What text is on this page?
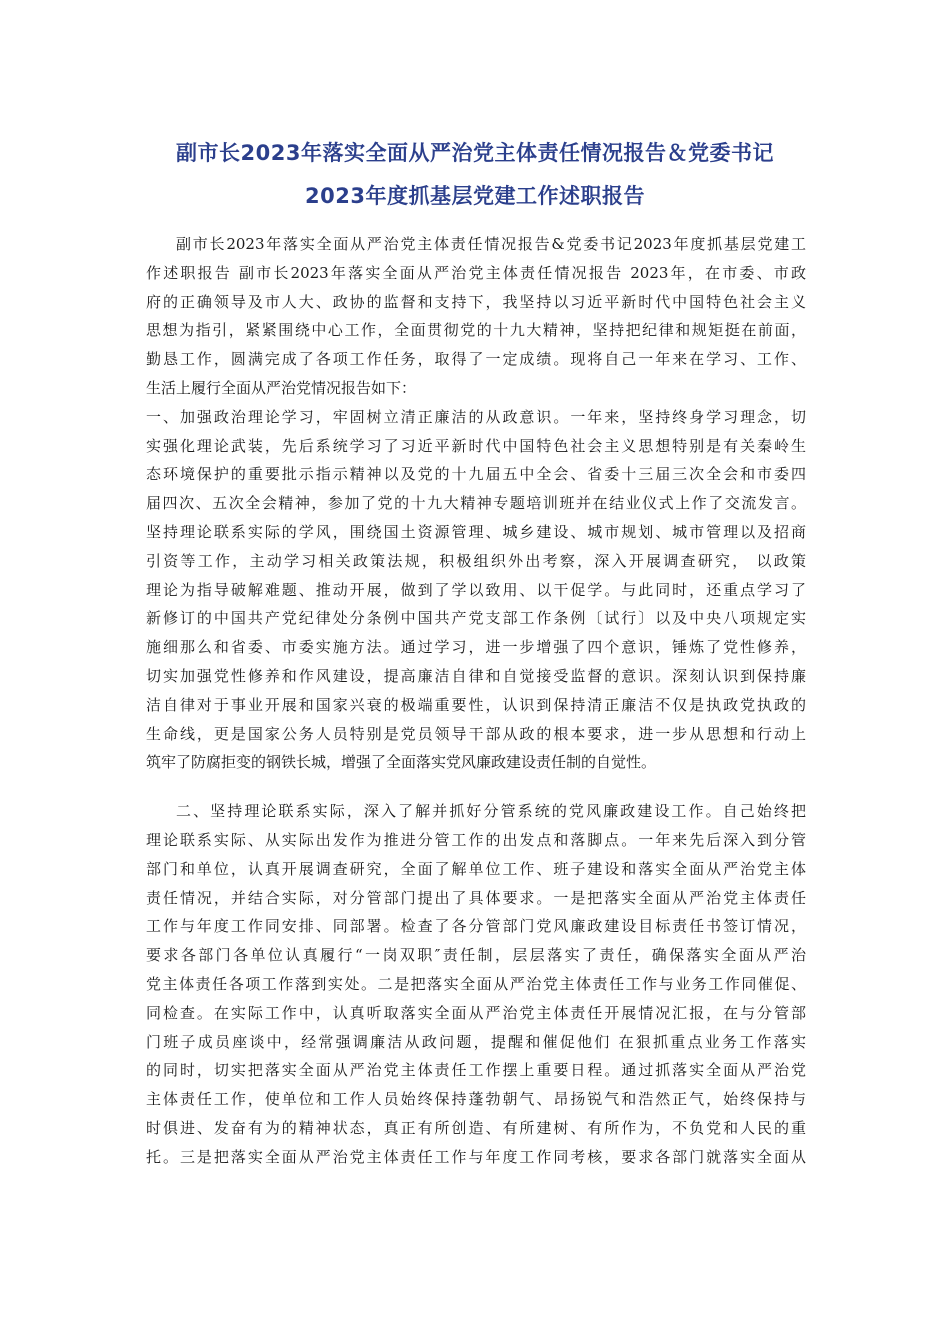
副市长2023年落实全面从严治党主体责任情况报告＆党委书记
2023年度抓基层党建工作述职报告
副市长2023年落实全面从严治党主体责任情况报告&党委书记2023年度抓基层党建工
作述职报告 副市长2023年落实全面从严治党主体责任情况报告 2023年，在市委、市政
府的正确领导及市人大、政协的监督和支持下，我坚持以习近平新时代中国特色社会主义
思想为指引，紧紧围绕中心工作，全面贯彻党的十九大精神，坚持把纪律和规矩挺在前面，
勤恳工作，圆满完成了各项工作任务，取得了一定成绩。现将自己一年来在学习、工作、
生活上履行全面从严治党情况报告如下：
一、加强政治理论学习，牢固树立清正廉洁的从政意识。一年来，坚持终身学习理念，切
实强化理论武装，先后系统学习了习近平新时代中国特色社会主义思想特别是有关秦岭生
态环境保护的重要批示指示精神以及党的十九届五中全会、省委十三届三次全会和市委四
届四次、五次全会精神，参加了党的十九大精神专题培训班并在结业仪式上作了交流发言。
坚持理论联系实际的学风，围绕国土资源管理、城乡建设、城市规划、城市管理以及招商
引资等工作，主动学习相关政策法规，积极组织外出考察，深入开展调查研究， 以政策
理论为指导破解难题、推动开展，做到了学以致用、以干促学。与此同时，还重点学习了
新修订的中国共产党纪律处分条例中国共产党支部工作条例〔试行〕以及中央八项规定实
施细那么和省委、市委实施方法。通过学习，进一步增强了四个意识，锤炼了党性修养，
切实加强党性修养和作风建设，提高廉洁自律和自觉接受监督的意识。深刻认识到保持廉
洁自律对于事业开展和国家兴衰的极端重要性，认识到保持清正廉洁不仅是执政党执政的
生命线，更是国家公务人员特别是党员领导干部从政的根本要求，进一步从思想和行动上
筑牢了防腐拒变的钢铁长城，增强了全面落实党风廉政建设责任制的自觉性。
二、坚持理论联系实际，深入了解并抓好分管系统的党风廉政建设工作。自己始终把
理论联系实际、从实际出发作为推进分管工作的出发点和落脚点。一年来先后深入到分管
部门和单位，认真开展调查研究，全面了解单位工作、班子建设和落实全面从严治党主体
责任情况，并结合实际，对分管部门提出了具体要求。一是把落实全面从严治党主体责任
工作与年度工作同安排、同部署。检查了各分管部门党风廉政建设目标责任书签订情况，
要求各部门各单位认真履行“一岗双职″责任制，层层落实了责任，确保落实全面从严治
党主体责任各项工作落到实处。二是把落实全面从严治党主体责任工作与业务工作同催促、
同检查。在实际工作中，认真听取落实全面从严治党主体责任开展情况汇报，在与分管部
门班子成员座谈中，经常强调廉洁从政问题，提醒和催促他们 在狠抓重点业务工作落实
的同时，切实把落实全面从严治党主体责任工作摆上重要日程。通过抓落实全面从严治党
主体责任工作，使单位和工作人员始终保持蓬勃朝气、昂扬锐气和浩然正气，始终保持与
时俱进、发奋有为的精神状态，真正有所创造、有所建树、有所作为，不负党和人民的重
托。三是把落实全面从严治党主体责任工作与年度工作同考核，要求各部门就落实全面从
